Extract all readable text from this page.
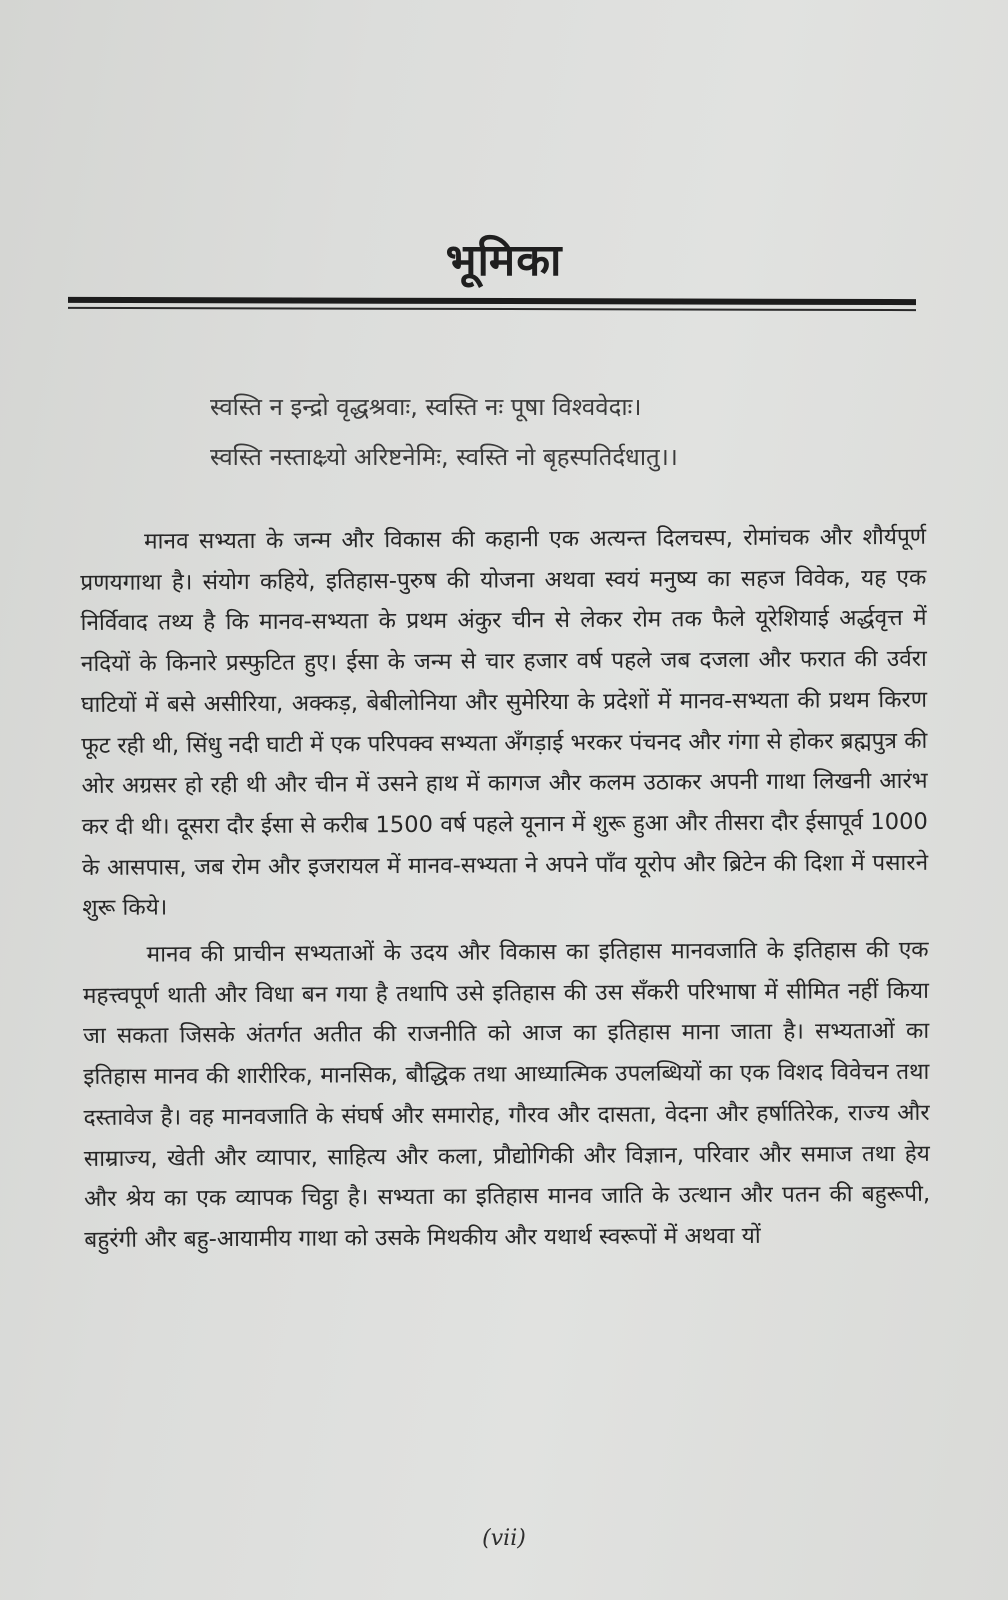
भूमिका
स्वस्ति न इन्द्रो वृद्धश्रवाः, स्वस्ति नः पूषा विश्ववेदाः।
स्वस्ति नस्ताक्ष्र्यो अरिष्टनेमिः, स्वस्ति नो बृहस्पतिर्दधातु।।

मानव सभ्यता के जन्म और विकास की कहानी एक अत्यन्त दिलचस्प, रोमांचक और शौर्यपूर्ण प्रणयगाथा है। संयोग कहिये, इतिहास-पुरुष की योजना अथवा स्वयं मनुष्य का सहज विवेक, यह एक निर्विवाद तथ्य है कि मानव-सभ्यता के प्रथम अंकुर चीन से लेकर रोम तक फैले यूरेशियाई अर्द्धवृत्त में नदियों के किनारे प्रस्फुटित हुए। ईसा के जन्म से चार हजार वर्ष पहले जब दजला और फरात की उर्वरा घाटियों में बसे असीरिया, अक्कड़, बेबीलोनिया और सुमेरिया के प्रदेशों में मानव-सभ्यता की प्रथम किरण फूट रही थी, सिंधु नदी घाटी में एक परिपक्व सभ्यता अँगड़ाई भरकर पंचनद और गंगा से होकर ब्रह्मपुत्र की ओर अग्रसर हो रही थी और चीन में उसने हाथ में कागज और कलम उठाकर अपनी गाथा लिखनी आरंभ कर दी थी। दूसरा दौर ईसा से करीब 1500 वर्ष पहले यूनान में शुरू हुआ और तीसरा दौर ईसापूर्व 1000 के आसपास, जब रोम और इजरायल में मानव-सभ्यता ने अपने पाँव यूरोप और ब्रिटेन की दिशा में पसारने शुरू किये।

मानव की प्राचीन सभ्यताओं के उदय और विकास का इतिहास मानवजाति के इतिहास की एक महत्त्वपूर्ण थाती और विधा बन गया है तथापि उसे इतिहास की उस सँकरी परिभाषा में सीमित नहीं किया जा सकता जिसके अंतर्गत अतीत की राजनीति को आज का इतिहास माना जाता है। सभ्यताओं का इतिहास मानव की शारीरिक, मानसिक, बौद्धिक तथा आध्यात्मिक उपलब्धियों का एक विशद विवेचन तथा दस्तावेज है। वह मानवजाति के संघर्ष और समारोह, गौरव और दासता, वेदना और हर्षातिरेक, राज्य और साम्राज्य, खेती और व्यापार, साहित्य और कला, प्रौद्योगिकी और विज्ञान, परिवार और समाज तथा हेय और श्रेय का एक व्यापक चिट्ठा है। सभ्यता का इतिहास मानव जाति के उत्थान और पतन की बहुरूपी, बहुरंगी और बहु-आयामीय गाथा को उसके मिथकीय और यथार्थ स्वरूपों में अथवा यों

(vii)
